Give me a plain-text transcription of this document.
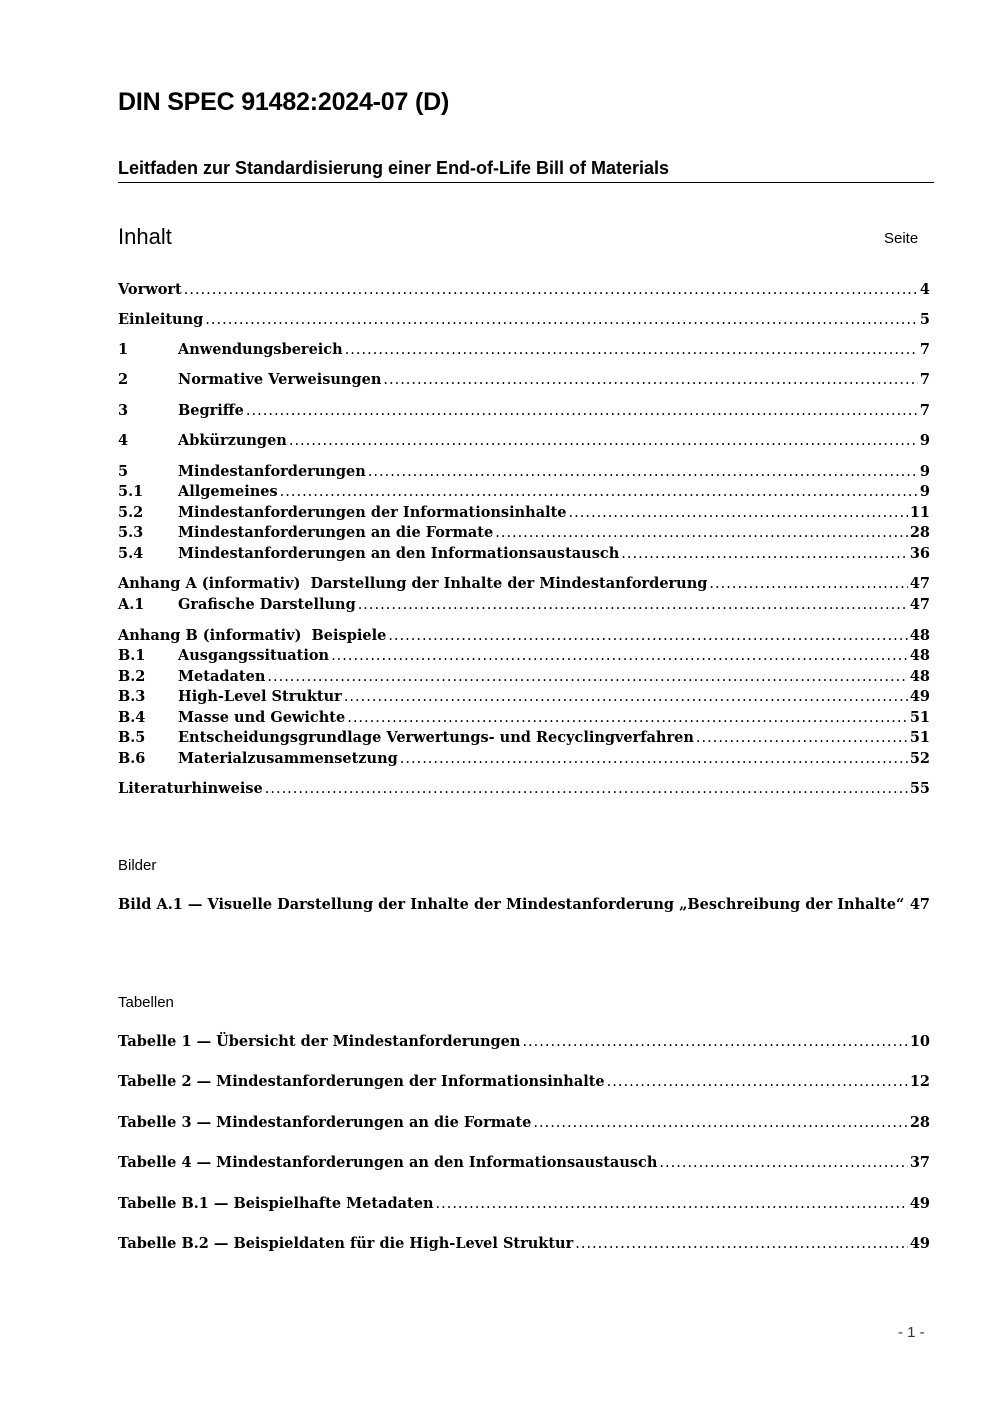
DIN SPEC 91482:2024-07 (D)
Leitfaden zur Standardisierung einer End-of-Life Bill of Materials
Inhalt	Seite
Vorwort .....	4
Einleitung .....	5
1	Anwendungsbereich .....	7
2	Normative Verweisungen .....	7
3	Begriffe .....	7
4	Abkürzungen .....	9
5	Mindestanforderungen .....	9
5.1	Allgemeines .....	9
5.2	Mindestanforderungen der Informationsinhalte .....	11
5.3	Mindestanforderungen an die Formate .....	28
5.4	Mindestanforderungen an den Informationsaustausch .....	36
Anhang A (informativ)  Darstellung der Inhalte der Mindestanforderung .....	47
A.1	Grafische Darstellung .....	47
Anhang B (informativ)  Beispiele .....	48
B.1	Ausgangssituation .....	48
B.2	Metadaten .....	48
B.3	High-Level Struktur .....	49
B.4	Masse und Gewichte .....	51
B.5	Entscheidungsgrundlage Verwertungs- und Recyclingverfahren .....	51
B.6	Materialzusammensetzung .....	52
Literaturhinweise .....	55
Bilder
Bild A.1 — Visuelle Darstellung der Inhalte der Mindestanforderung „Beschreibung der Inhalte“ ..... 47
Tabellen
Tabelle 1 — Übersicht der Mindestanforderungen .....	10
Tabelle 2 — Mindestanforderungen der Informationsinhalte .....	12
Tabelle 3 — Mindestanforderungen an die Formate .....	28
Tabelle 4 — Mindestanforderungen an den Informationsaustausch .....	37
Tabelle B.1 — Beispielhafte Metadaten .....	49
Tabelle B.2 — Beispieldaten für die High-Level Struktur .....	49
- 1 -
